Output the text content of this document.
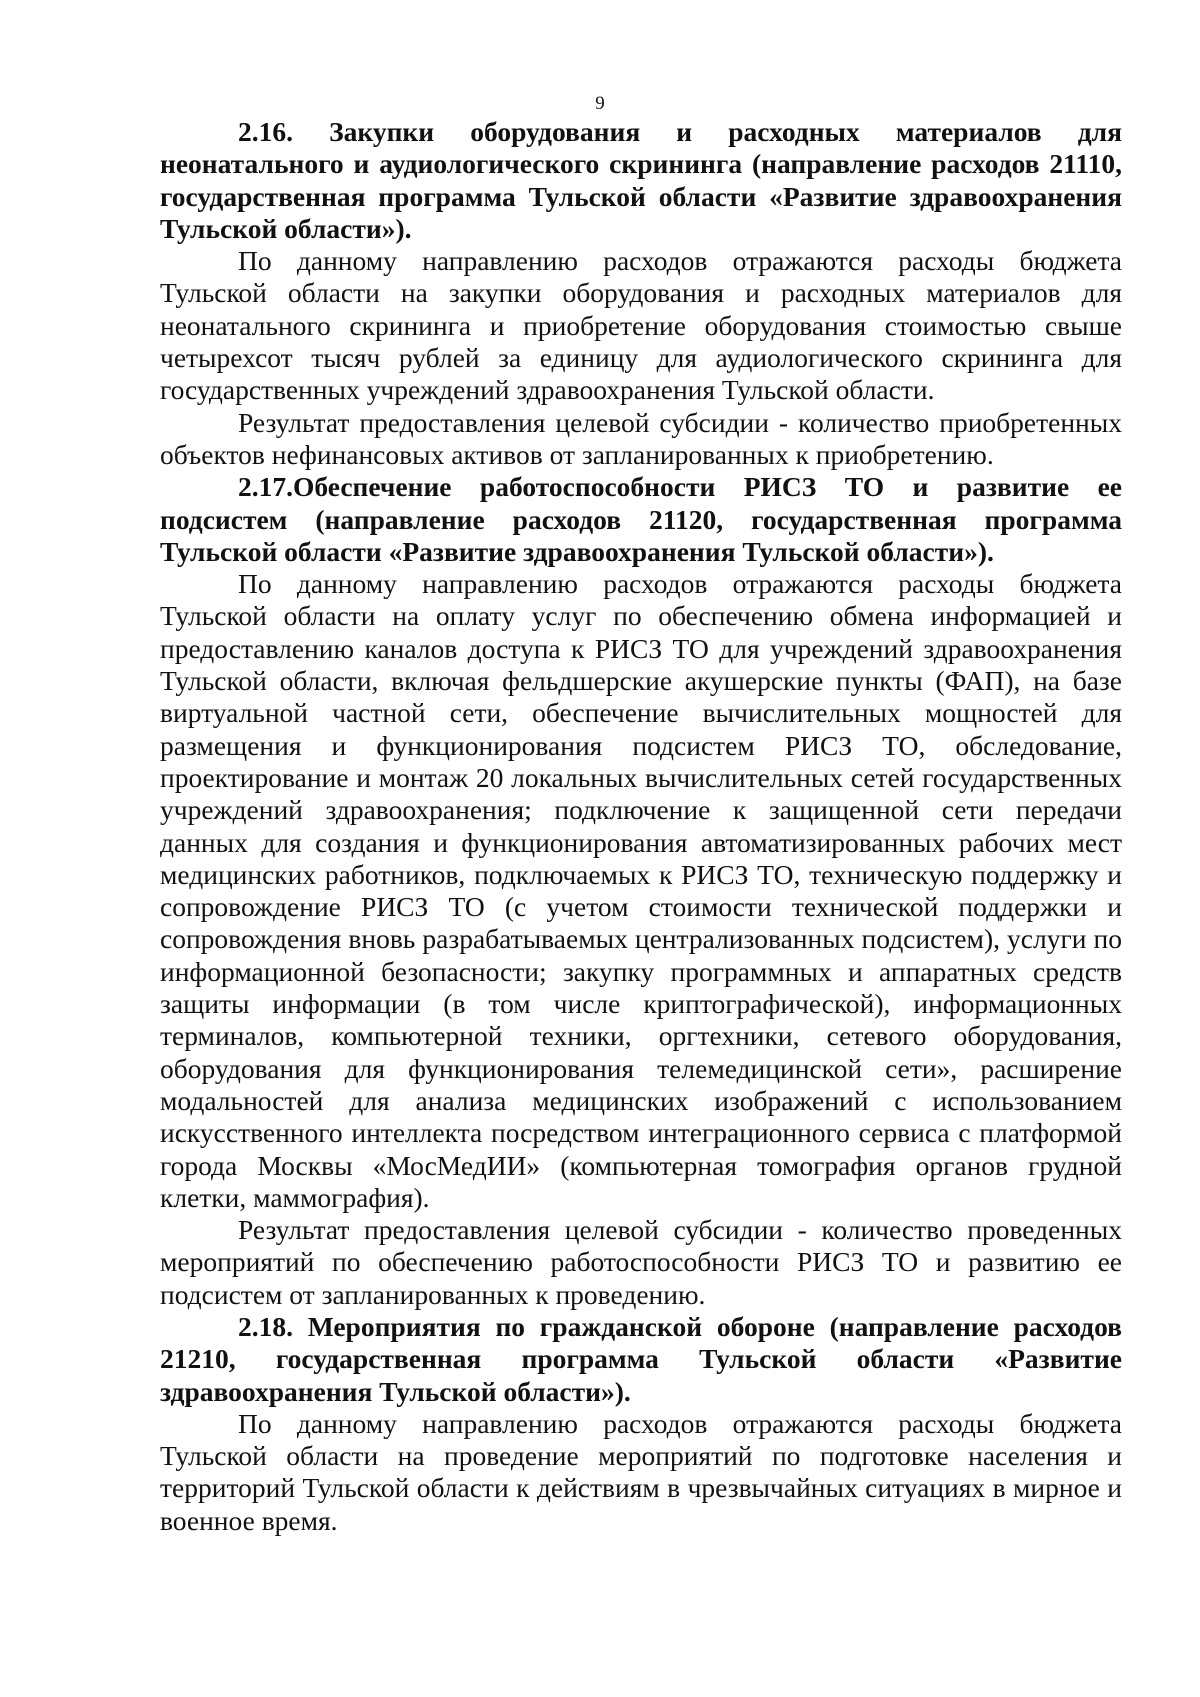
9

2.16. Закупки оборудования и расходных материалов для неонатального и аудиологического скрининга (направление расходов 21110, государственная программа Тульской области «Развитие здравоохранения Тульской области»).

По данному направлению расходов отражаются расходы бюджета Тульской области на закупки оборудования и расходных материалов для неонатального скрининга и приобретение оборудования стоимостью свыше четырехсот тысяч рублей за единицу для аудиологического скрининга для государственных учреждений здравоохранения Тульской области.

Результат предоставления целевой субсидии - количество приобретенных объектов нефинансовых активов от запланированных к приобретению.

2.17.Обеспечение работоспособности РИСЗ ТО и развитие ее подсистем (направление расходов 21120, государственная программа Тульской области «Развитие здравоохранения Тульской области»).

По данному направлению расходов отражаются расходы бюджета Тульской области на оплату услуг по обеспечению обмена информацией и предоставлению каналов доступа к РИСЗ ТО для учреждений здравоохранения Тульской области, включая фельдшерские акушерские пункты (ФАП), на базе виртуальной частной сети, обеспечение вычислительных мощностей для размещения и функционирования подсистем РИСЗ ТО, обследование, проектирование и монтаж 20 локальных вычислительных сетей государственных учреждений здравоохранения; подключение к защищенной сети передачи данных для создания и функционирования автоматизированных рабочих мест медицинских работников, подключаемых к РИСЗ ТО, техническую поддержку и сопровождение РИСЗ ТО (с учетом стоимости технической поддержки и сопровождения вновь разрабатываемых централизованных подсистем), услуги по информационной безопасности; закупку программных и аппаратных средств защиты информации (в том числе криптографической), информационных терминалов, компьютерной техники, оргтехники, сетевого оборудования, оборудования для функционирования телемедицинской сети», расширение модальностей для анализа медицинских изображений с использованием искусственного интеллекта посредством интеграционного сервиса с платформой города Москвы «МосМедИИ» (компьютерная томография органов грудной клетки, маммография).

Результат предоставления целевой субсидии - количество проведенных мероприятий по обеспечению работоспособности РИСЗ ТО и развитию ее подсистем от запланированных к проведению.

2.18. Мероприятия по гражданской обороне (направление расходов 21210, государственная программа Тульской области «Развитие здравоохранения Тульской области»).

По данному направлению расходов отражаются расходы бюджета Тульской области на проведение мероприятий по подготовке населения и территорий Тульской области к действиям в чрезвычайных ситуациях в мирное и военное время.
